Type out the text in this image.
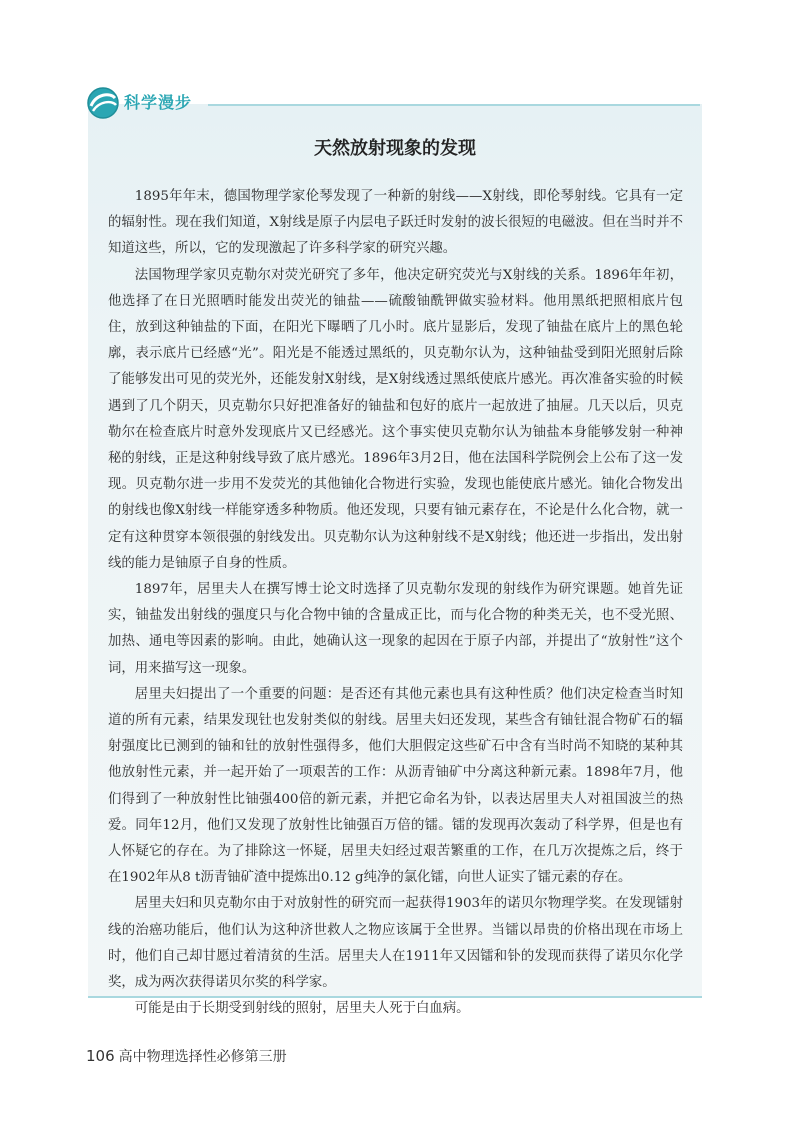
科学漫步
天然放射现象的发现

1895年年末，德国物理学家伦琴发现了一种新的射线——X射线，即伦琴射线。它具有一定的辐射性。现在我们知道，X射线是原子内层电子跃迁时发射的波长很短的电磁波。但在当时并不知道这些，所以，它的发现激起了许多科学家的研究兴趣。

法国物理学家贝克勒尔对荧光研究了多年，他决定研究荧光与X射线的关系。1896年年初，他选择了在日光照晒时能发出荧光的铀盐——硫酸铀酰钾做实验材料。他用黑纸把照相底片包住，放到这种铀盐的下面，在阳光下曝晒了几小时。底片显影后，发现了铀盐在底片上的黑色轮廓，表示底片已经感“光”。阳光是不能透过黑纸的，贝克勒尔认为，这种铀盐受到阳光照射后除了能够发出可见的荧光外，还能发射X射线，是X射线透过黑纸使底片感光。再次准备实验的时候遇到了几个阴天，贝克勒尔只好把准备好的铀盐和包好的底片一起放进了抽屉。几天以后，贝克勒尔在检查底片时意外发现底片又已经感光。这个事实使贝克勒尔认为铀盐本身能够发射一种神秘的射线，正是这种射线导致了底片感光。1896年3月2日，他在法国科学院例会上公布了这一发现。贝克勒尔进一步用不发荧光的其他铀化合物进行实验，发现也能使底片感光。铀化合物发出的射线也像X射线一样能穿透多种物质。他还发现，只要有铀元素存在，不论是什么化合物，就一定有这种贯穿本领很强的射线发出。贝克勒尔认为这种射线不是X射线；他还进一步指出，发出射线的能力是铀原子自身的性质。

1897年，居里夫人在撰写博士论文时选择了贝克勒尔发现的射线作为研究课题。她首先证实，铀盐发出射线的强度只与化合物中铀的含量成正比，而与化合物的种类无关，也不受光照、加热、通电等因素的影响。由此，她确认这一现象的起因在于原子内部，并提出了“放射性”这个词，用来描写这一现象。

居里夫妇提出了一个重要的问题：是否还有其他元素也具有这种性质？他们决定检查当时知道的所有元素，结果发现钍也发射类似的射线。居里夫妇还发现，某些含有铀钍混合物矿石的辐射强度比已测到的铀和钍的放射性强得多，他们大胆假定这些矿石中含有当时尚不知晓的某种其他放射性元素，并一起开始了一项艰苦的工作：从沥青铀矿中分离这种新元素。1898年7月，他们得到了一种放射性比铀强400倍的新元素，并把它命名为钋，以表达居里夫人对祖国波兰的热爱。同年12月，他们又发现了放射性比铀强百万倍的镭。镭的发现再次轰动了科学界，但是也有人怀疑它的存在。为了排除这一怀疑，居里夫妇经过艰苦繁重的工作，在几万次提炼之后，终于在1902年从8 t沥青铀矿渣中提炼出0.12 g纯净的氯化镭，向世人证实了镭元素的存在。

居里夫妇和贝克勒尔由于对放射性的研究而一起获得1903年的诺贝尔物理学奖。在发现镭射线的治癌功能后，他们认为这种济世救人之物应该属于全世界。当镭以昂贵的价格出现在市场上时，他们自己却甘愿过着清贫的生活。居里夫人在1911年又因镭和钋的发现而获得了诺贝尔化学奖，成为两次获得诺贝尔奖的科学家。

可能是由于长期受到射线的照射，居里夫人死于白血病。

106 高中物理选择性必修第三册
